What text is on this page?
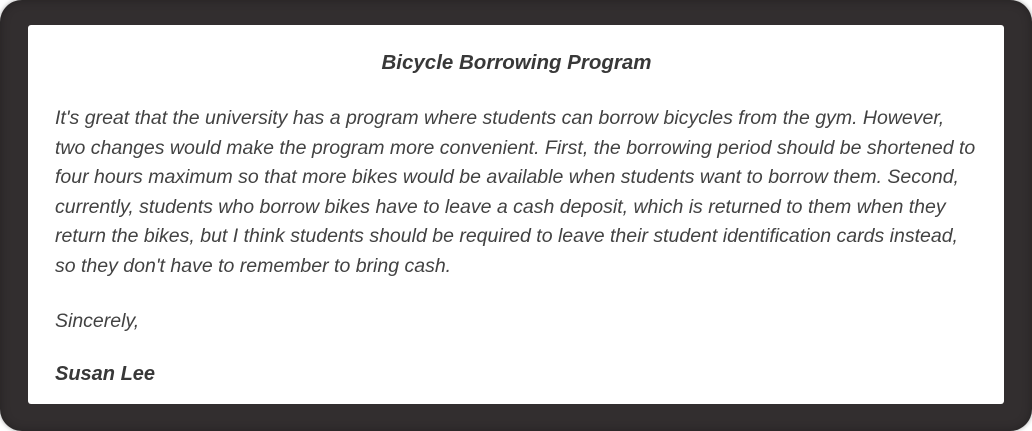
Bicycle Borrowing Program

It's great that the university has a program where students can borrow bicycles from the gym. However, two changes would make the program more convenient. First, the borrowing period should be shortened to four hours maximum so that more bikes would be available when students want to borrow them. Second, currently, students who borrow bikes have to leave a cash deposit, which is returned to them when they return the bikes, but I think students should be required to leave their student identification cards instead, so they don't have to remember to bring cash.

Sincerely,

Susan Lee
